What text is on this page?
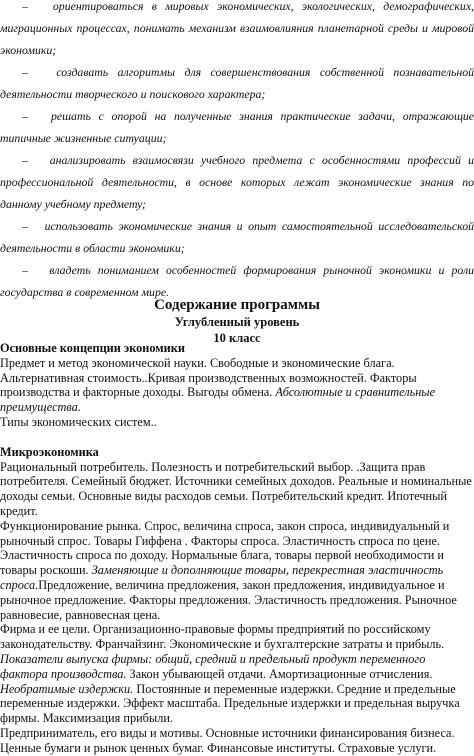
– ориентироваться в мировых экономических, экологических, демографических, миграционных процессах, понимать механизм взаимовлияния планетарной среды и мировой экономики;

– создавать алгоритмы для совершенствования собственной познавательной деятельности творческого и поискового характера;

– решать с опорой на полученные знания практические задачи, отражающие типичные жизненные ситуации;

– анализировать взаимосвязи учебного предмета с особенностями профессий и профессиональной деятельности, в основе которых лежат экономические знания по данному учебному предмету;

– использовать экономические знания и опыт самостоятельной исследовательской деятельности в области экономики;

– владеть пониманием особенностей формирования рыночной экономики и роли государства в современном мире.

Содержание программы
Углубленный уровень
10 класс

Основные концепции экономики

Предмет и метод экономической науки. Свободные и экономические блага. Альтернативная стоимость..Кривая производственных возможностей. Факторы производства и факторные доходы. Выгоды обмена. Абсолютные и сравнительные преимущества.

Типы экономических систем..

Микроэкономика

Рациональный потребитель. Полезность и потребительский выбор. .Защита прав потребителя. Семейный бюджет. Источники семейных доходов. Реальные и номинальные доходы семьи. Основные виды расходов семьи. Потребительский кредит. Ипотечный кредит.

Функционирование рынка. Спрос, величина спроса, закон спроса, индивидуальный и рыночный спрос. Товары Гиффена . Факторы спроса. Эластичность спроса по цене. Эластичность спроса по доходу. Нормальные блага, товары первой необходимости и товары роскоши. Заменяющие и дополняющие товары, перекрестная эластичность спроса.Предложение, величина предложения, закон предложения, индивидуальное и рыночное предложение. Факторы предложения. Эластичность предложения. Рыночное равновесие, равновесная цена.

Фирма и ее цели. Организационно-правовые формы предприятий по российскому законодательству. Франчайзинг. Экономические и бухгалтерские затраты и прибыль.

Показатели выпуска фирмы: общий, средний и предельный продукт переменного фактора производства. Закон убывающей отдачи. Амортизационные отчисления.

Необратимые издержки. Постоянные и переменные издержки. Средние и предельные переменные издержки. Эффект масштаба. Предельные издержки и предельная выручка фирмы. Максимизация прибыли.

Предприниматель, его виды и мотивы. Основные источники финансирования бизнеса. Ценные бумаги и рынок ценных бумаг. Финансовые институты. Страховые услуги.
